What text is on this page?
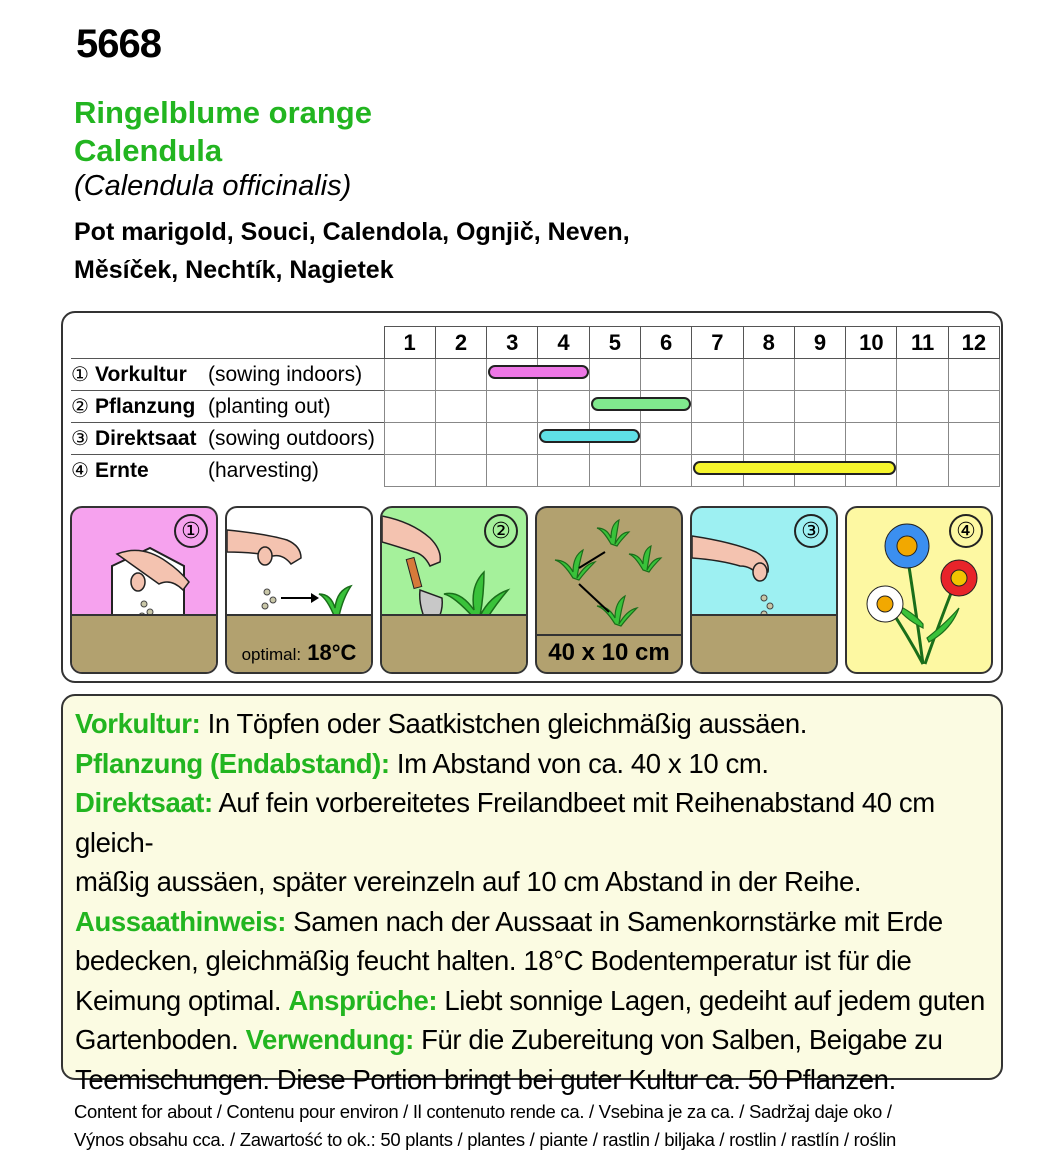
5668
Ringelblume orange
Calendula
(Calendula officinalis)
Pot marigold, Souci, Calendola, Ognjič, Neven,
Měsíček, Nechtík, Nagietek
	1	2	3	4	5	6	7	8	9	10	11	12
① Vorkultur (sowing indoors)			

② Pflanzung (planting out)					

③ Direktsaat (sowing outdoors)				

④ Ernte (harvesting)							

①
optimal: 18°C
②
40 x 10 cm
③	④
Vorkultur: In Töpfen oder Saatkistchen gleichmäßig aussäen.
Pflanzung (Endabstand): Im Abstand von ca. 40 x 10 cm.
Direktsaat: Auf fein vorbereitetes Freilandbeet mit Reihenabstand 40 cm gleich-
mäßig aussäen, später vereinzeln auf 10 cm Abstand in der Reihe.
Aussaathinweis: Samen nach der Aussaat in Samenkornstärke mit Erde
bedecken, gleichmäßig feucht halten. 18°C Bodentemperatur ist für die
Keimung optimal. Ansprüche: Liebt sonnige Lagen, gedeiht auf jedem guten
Gartenboden. Verwendung: Für die Zubereitung von Salben, Beigabe zu
Teemischungen. Diese Portion bringt bei guter Kultur ca. 50 Pflanzen.
Content for about / Contenu pour environ / Il contenuto rende ca. / Vsebina je za ca. / Sadržaj daje oko /
Výnos obsahu cca. / Zawartość to ok.: 50 plants / plantes / piante / rastlin / biljaka / rostlin / rastlín / roślin
